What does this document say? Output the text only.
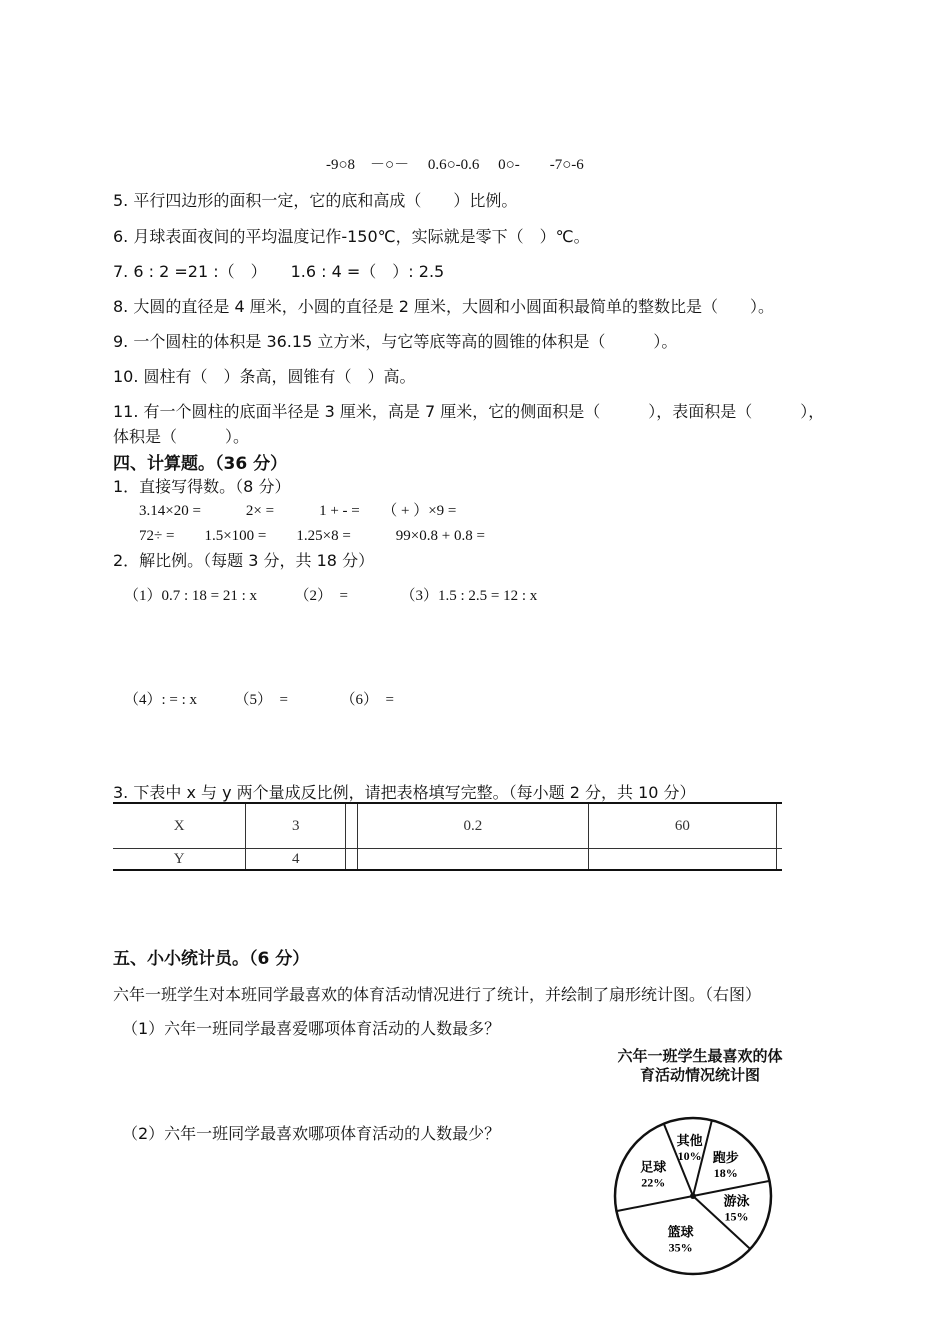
-9○8　－○－　 0.6○-0.6　 0○-　　-7○-6
5. 平行四边形的面积一定，它的底和高成（　　）比例。
6. 月球表面夜间的平均温度记作-150℃，实际就是零下（　）℃。
7. 6 : 2 =21 :（　）　　1.6 : 4 =（　）: 2.5
8. 大圆的直径是 4 厘米，小圆的直径是 2 厘米，大圆和小圆面积最简单的整数比是（　　）。
9. 一个圆柱的体积是 36.15 立方米，与它等底等高的圆锥的体积是（　　　）。
10. 圆柱有（　）条高，圆锥有（　）高。
11. 有一个圆柱的底面半径是 3 厘米，高是 7 厘米，它的侧面积是（　　　），表面积是（　　　），
体积是（　　　）。
四、计算题。（36 分）
1．直接写得数。（8 分）
3.14×20 =　　　2× =　　　1 + - =　　（ + ）×9 =
72÷ =　　1.5×100 =　　1.25×8 =　　　99×0.8 + 0.8 =
2．解比例。（每题 3 分，共 18 分）
（1）0.7 : 18 = 21 : x　　　（2）　=　　　　（3）1.5 : 2.5 = 12 : x
（4）: = : x　　　（5）　=　　　　（6）　=
3. 下表中 x 与 y 两个量成反比例，请把表格填写完整。（每小题 2 分，共 10 分）
X	3		0.2	60	
Y	4				
五、小小统计员。（6 分）
六年一班学生对本班同学最喜欢的体育活动情况进行了统计，并绘制了扇形统计图。（右图）
（1）六年一班同学最喜爱哪项体育活动的人数最多？
（2）六年一班同学最喜欢哪项体育活动的人数最少？
六年一班学生最喜欢的体
育活动情况统计图
其他
10% 跑步
18%
游泳
15%
篮球
35%
足球
22%
